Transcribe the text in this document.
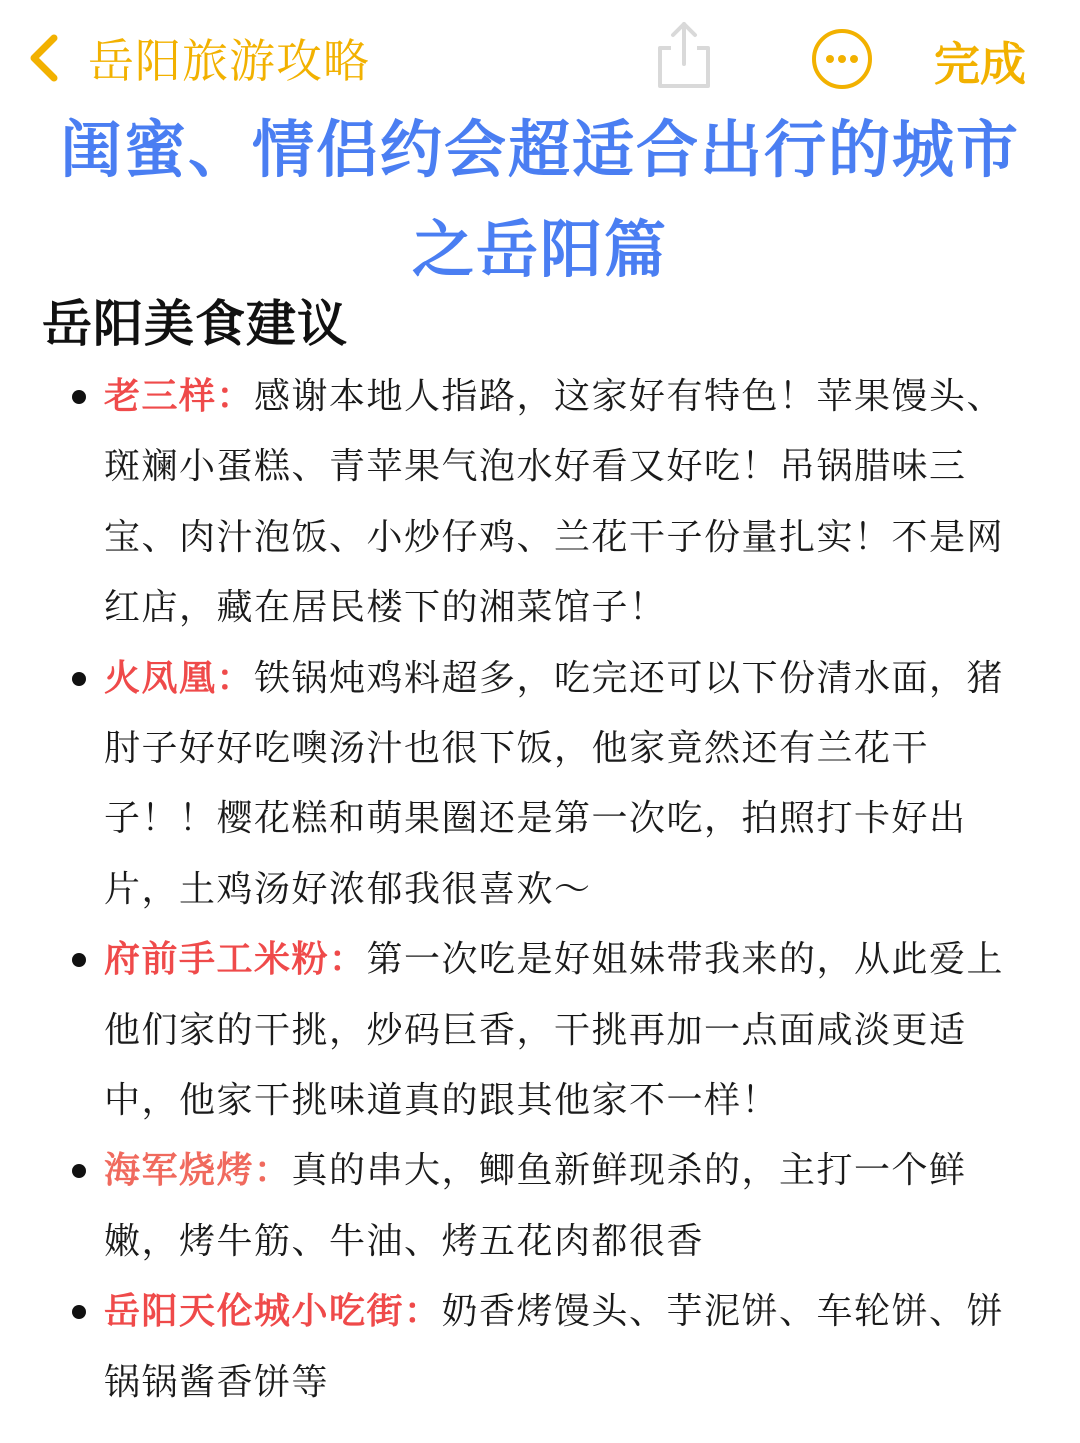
岳阳旅游攻略	完成
闺蜜、情侣约会超适合出行的城市
之岳阳篇
岳阳美食建议
老三样：感谢本地人指路，这家好有特色！苹果馒头、斑斓小蛋糕、青苹果气泡水好看又好吃！吊锅腊味三宝、肉汁泡饭、小炒仔鸡、兰花干子份量扎实！不是网红店，藏在居民楼下的湘菜馆子！
火凤凰：铁锅炖鸡料超多，吃完还可以下份清水面，猪肘子好好吃噢汤汁也很下饭，他家竟然还有兰花干子！！樱花糕和萌果圈还是第一次吃，拍照打卡好出片，土鸡汤好浓郁我很喜欢～
府前手工米粉：第一次吃是好姐妹带我来的，从此爱上他们家的干挑，炒码巨香，干挑再加一点面咸淡更适中，他家干挑味道真的跟其他家不一样！
海军烧烤：真的串大，鲫鱼新鲜现杀的，主打一个鲜嫩，烤牛筋、牛油、烤五花肉都很香
岳阳天伦城小吃街：奶香烤馒头、芋泥饼、车轮饼、饼锅锅酱香饼等
